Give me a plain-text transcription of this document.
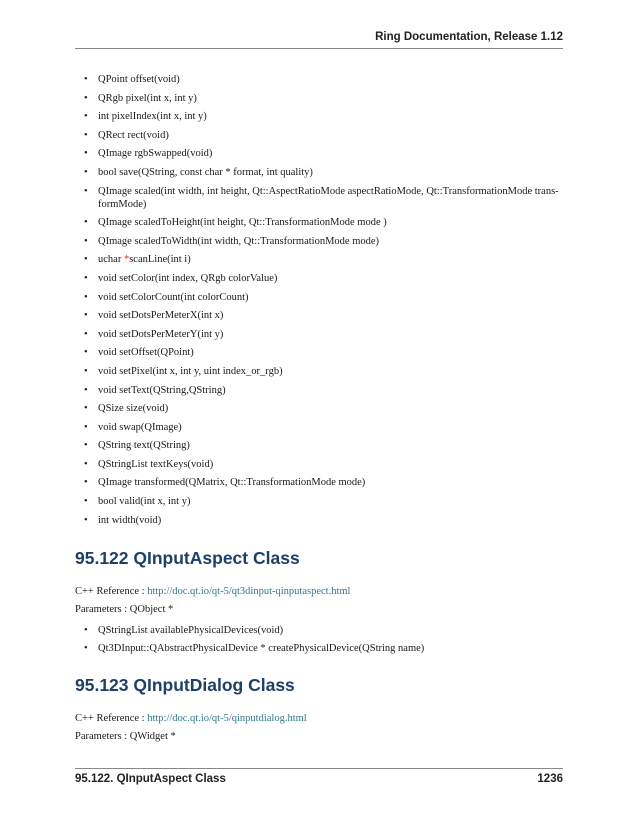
Ring Documentation, Release 1.12
• QPoint offset(void)
• QRgb pixel(int x, int y)
• int pixelIndex(int x, int y)
• QRect rect(void)
• QImage rgbSwapped(void)
• bool save(QString, const char * format, int quality)
• QImage scaled(int width, int height, Qt::AspectRatioMode aspectRatioMode, Qt::TransformationMode trans-
formMode)
• QImage scaledToHeight(int height, Qt::TransformationMode mode )
• QImage scaledToWidth(int width, Qt::TransformationMode mode)
• uchar *scanLine(int i)
• void setColor(int index, QRgb colorValue)
• void setColorCount(int colorCount)
• void setDotsPerMeterX(int x)
• void setDotsPerMeterY(int y)
• void setOffset(QPoint)
• void setPixel(int x, int y, uint index_or_rgb)
• void setText(QString,QString)
• QSize size(void)
• void swap(QImage)
• QString text(QString)
• QStringList textKeys(void)
• QImage transformed(QMatrix, Qt::TransformationMode mode)
• bool valid(int x, int y)
• int width(void)
95.122 QInputAspect Class

C++ Reference : http://doc.qt.io/qt-5/qt3dinput-qinputaspect.html

Parameters : QObject *

• QStringList availablePhysicalDevices(void)
• Qt3DInput::QAbstractPhysicalDevice * createPhysicalDevice(QString name)
95.123 QInputDialog Class

C++ Reference : http://doc.qt.io/qt-5/qinputdialog.html

Parameters : QWidget *

95.122. QInputAspect Class	1236
